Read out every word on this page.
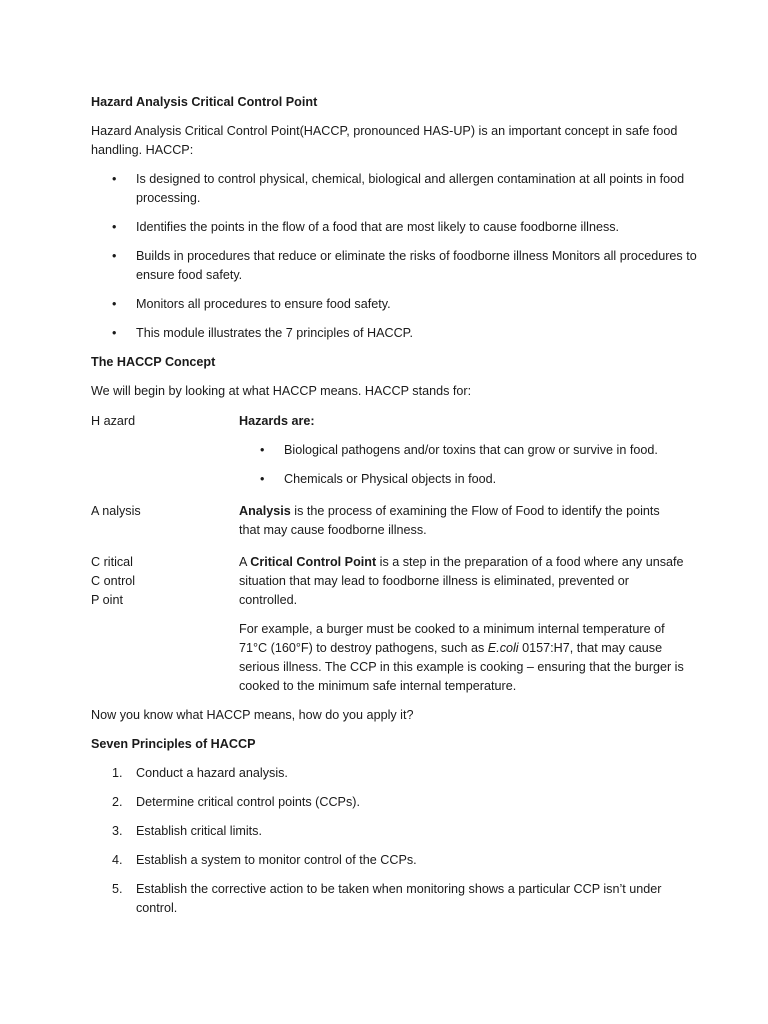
Hazard Analysis Critical Control Point

Hazard Analysis Critical Control Point(HACCP, pronounced HAS-UP) is an important concept in safe food handling. HACCP:

• Is designed to control physical, chemical, biological and allergen contamination at all points in food processing.
• Identifies the points in the flow of a food that are most likely to cause foodborne illness.
• Builds in procedures that reduce or eliminate the risks of foodborne illness Monitors all procedures to ensure food safety.
• Monitors all procedures to ensure food safety.
• This module illustrates the 7 principles of HACCP.

The HACCP Concept

We will begin by looking at what HACCP means. HACCP stands for:

H azard	Hazards are:
• Biological pathogens and/or toxins that can grow or survive in food.
• Chemicals or Physical objects in food.
A nalysis	Analysis is the process of examining the Flow of Food to identify the points that may cause foodborne illness.
C ritical
C ontrol
P oint
A Critical Control Point is a step in the preparation of a food where any unsafe situation that may lead to foodborne illness is eliminated, prevented or controlled.
For example, a burger must be cooked to a minimum internal temperature of 71°C (160°F) to destroy pathogens, such as E.coli 0157:H7, that may cause serious illness. The CCP in this example is cooking – ensuring that the burger is cooked to the minimum safe internal temperature.

Now you know what HACCP means, how do you apply it?

Seven Principles of HACCP

1. Conduct a hazard analysis.
2. Determine critical control points (CCPs).
3. Establish critical limits.
4. Establish a system to monitor control of the CCPs.
5. Establish the corrective action to be taken when monitoring shows a particular CCP isn’t under control.
